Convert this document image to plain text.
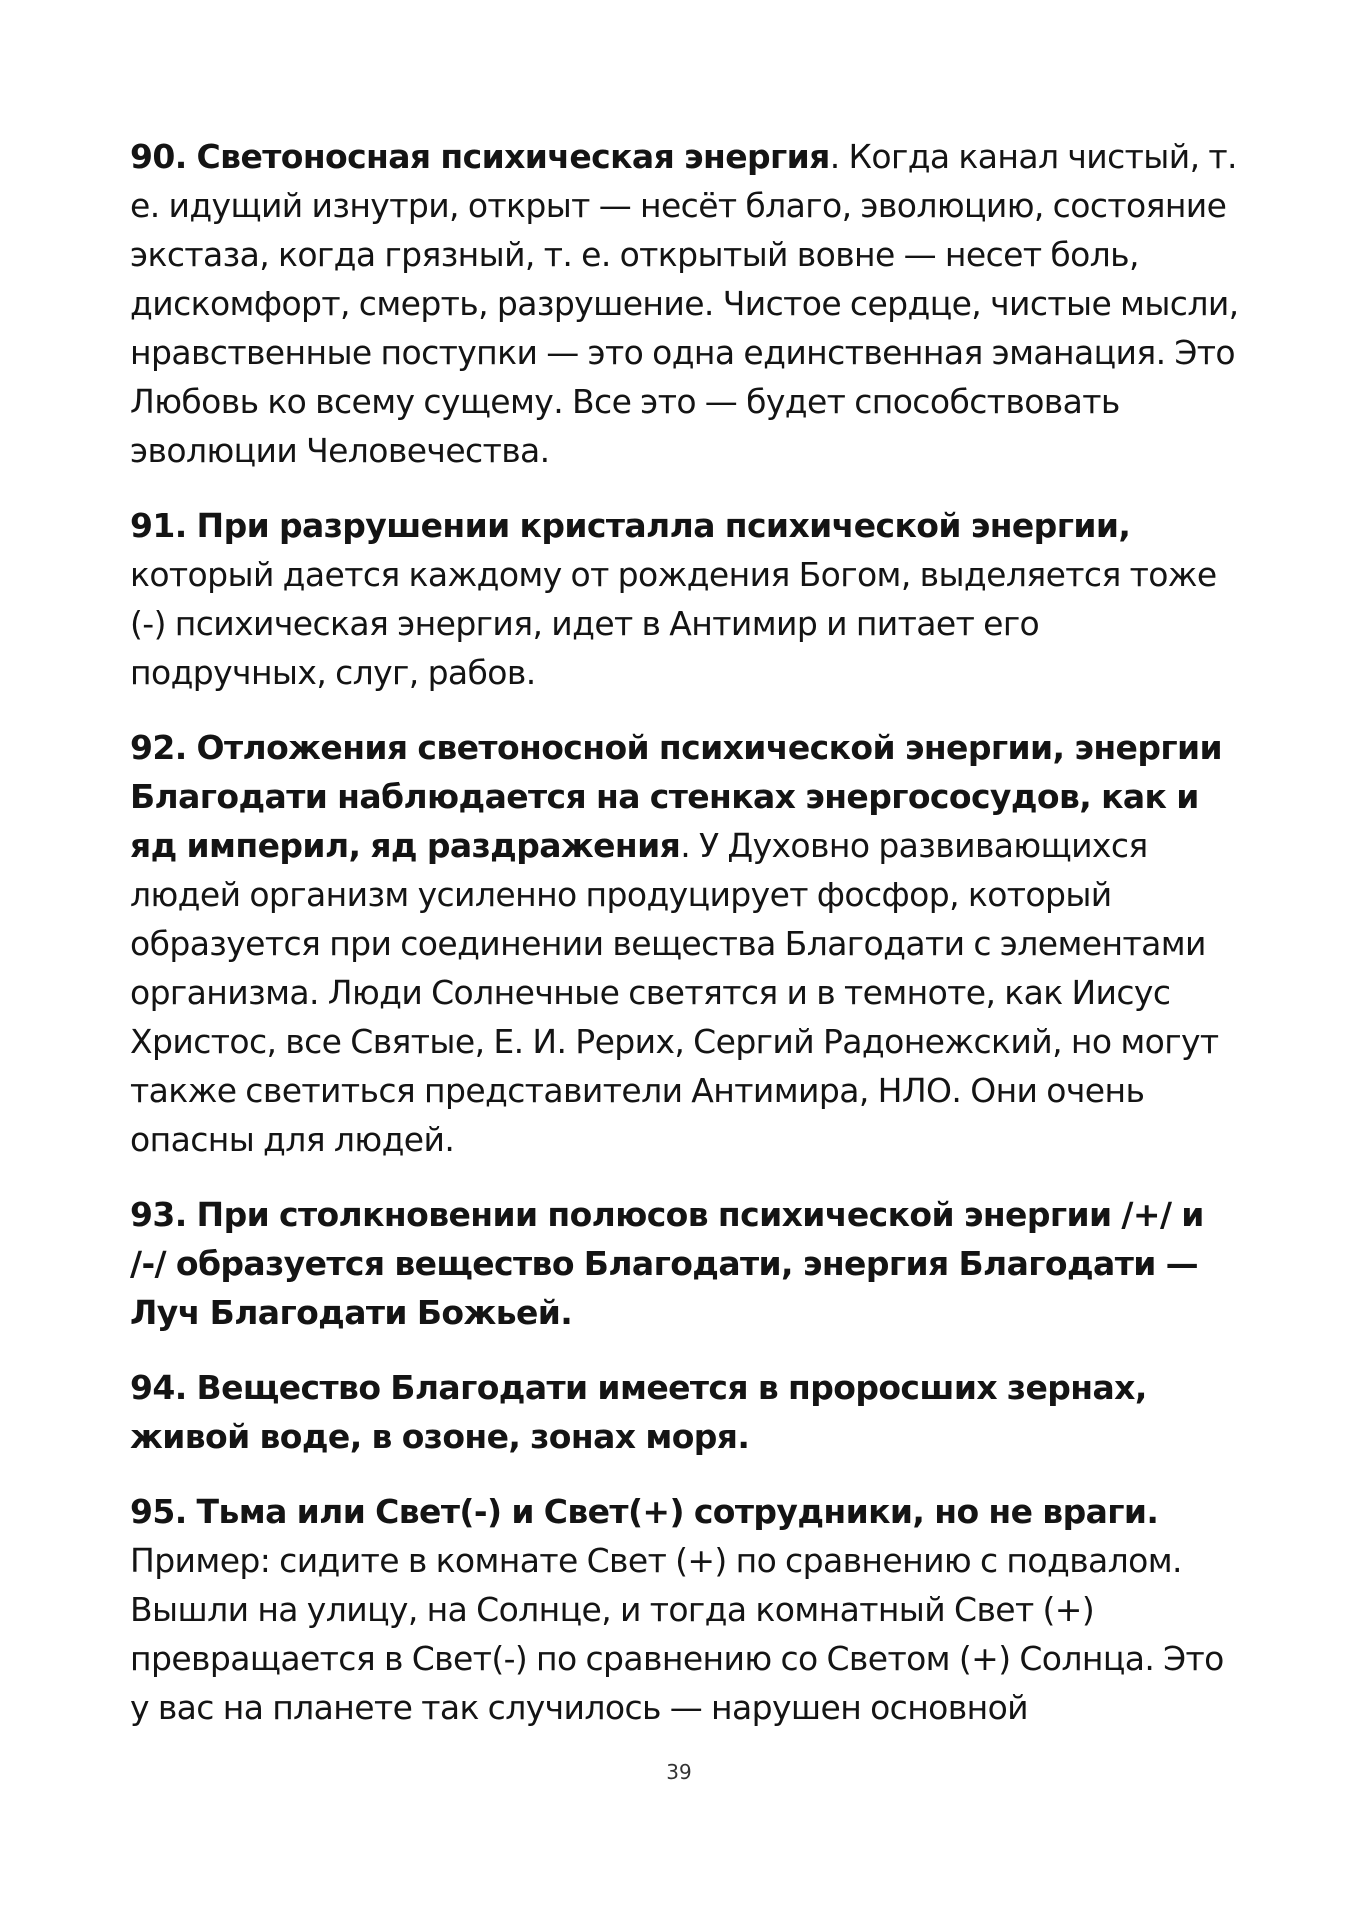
90. Светоносная психическая энергия. Когда канал чистый, т. е. идущий изнутри, открыт — несёт благо, эволюцию, состояние экстаза, когда грязный, т. е. открытый вовне — несет боль, дискомфорт, смерть, разрушение. Чистое сердце, чистые мысли, нравственные поступки — это одна единственная эманация. Это Любовь ко всему сущему. Все это — будет способствовать эволюции Человечества.

91. При разрушении кристалла психической энергии, который дается каждому от рождения Богом, выделяется тоже (-) психическая энергия, идет в Антимир и питает его подручных, слуг, рабов.

92. Отложения светоносной психической энергии, энергии Благодати наблюдается на стенках энергососудов, как и яд империл, яд раздражения. У Духовно развивающихся людей организм усиленно продуцирует фосфор, который образуется при соединении вещества Благодати с элементами организма. Люди Солнечные светятся и в темноте, как Иисус Христос, все Святые, Е. И. Рерих, Сергий Радонежский, но могут также светиться представители Антимира, НЛО. Они очень опасны для людей.

93. При столкновении полюсов психической энергии /+/ и /-/ образуется вещество Благодати, энергия Благодати — Луч Благодати Божьей.

94. Вещество Благодати имеется в проросших зернах, живой воде, в озоне, зонах моря.

95. Тьма или Свет(-) и Свет(+) сотрудники, но не враги. Пример: сидите в комнате Свет (+) по сравнению с подвалом. Вышли на улицу, на Солнце, и тогда комнатный Свет (+) превращается в Свет(-) по сравнению со Светом (+) Солнца. Это у вас на планете так случилось — нарушен основной

39
